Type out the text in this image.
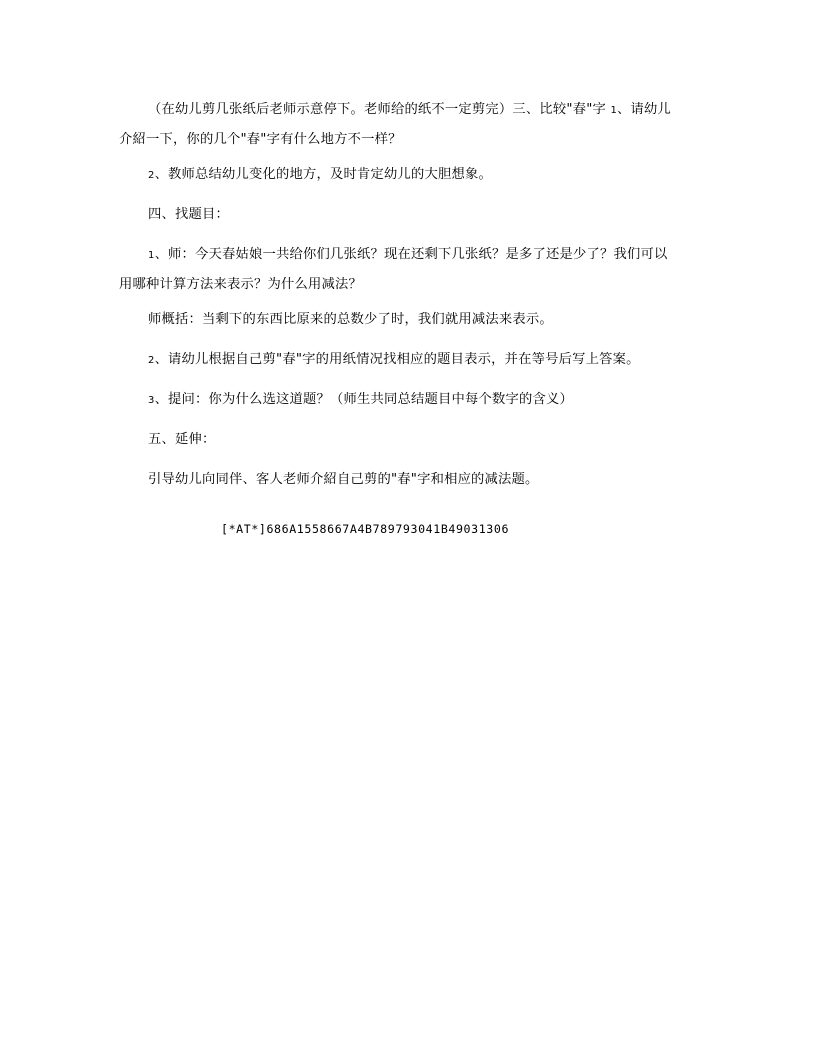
（在幼儿剪几张纸后老师示意停下。老师给的纸不一定剪完）三、比较"春"字 1、请幼儿
介紹一下，你的几个"春"字有什么地方不一样？
2、教师总结幼儿变化的地方，及时肯定幼儿的大胆想象。
四、找题目：
1、师：今天春姑娘一共给你们几张纸？现在还剩下几张纸？是多了还是少了？我们可以
用哪种计算方法来表示？为什么用减法？
师概括：当剩下的东西比原来的总数少了时，我们就用减法来表示。
2、请幼儿根据自己剪"春"字的用纸情况找相应的题目表示，并在等号后写上答案。
3、提问：你为什么选这道题？（师生共同总结题目中每个数字的含义）
五、延伸：
引导幼儿向同伴、客人老师介紹自己剪的"春"字和相应的减法题。
[*AT*]686A1558667A4B789793041B49031306
